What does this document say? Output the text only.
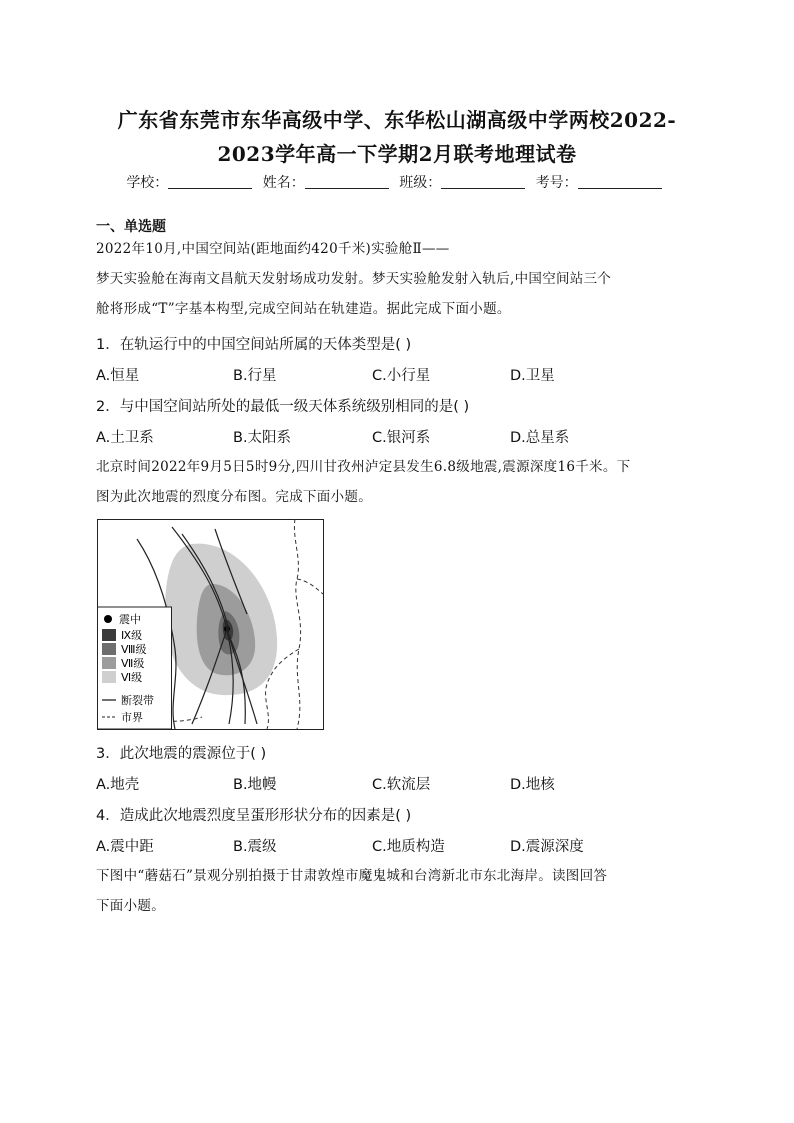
广东省东莞市东华高级中学、东华松山湖高级中学两校2022-
2023学年高一下学期2月联考地理试卷
学校：	姓名：	班级：	考号：
一、单选题
2022年10月,中国空间站(距地面约420千米)实验舱Ⅱ——
梦天实验舱在海南文昌航天发射场成功发射。梦天实验舱发射入轨后,中国空间站三个
舱将形成“T”字基本构型,完成空间站在轨建造。据此完成下面小题。
1．在轨运行中的中国空间站所属的天体类型是( )
A.恒星	B.行星	C.小行星	D.卫星
2．与中国空间站所处的最低一级天体系统级别相同的是( )
A.土卫系	B.太阳系	C.银河系	D.总星系
北京时间2022年9月5日5时9分,四川甘孜州泸定县发生6.8级地震,震源深度16千米。下
图为此次地震的烈度分布图。完成下面小题。
震中
Ⅸ级
Ⅷ级
Ⅶ级
Ⅵ级
断裂带
市界
3．此次地震的震源位于( )
A.地壳	B.地幔	C.软流层	D.地核
4．造成此次地震烈度呈蛋形形状分布的因素是( )
A.震中距	B.震级	C.地质构造	D.震源深度
下图中“蘑菇石”景观分别拍摄于甘肃敦煌市魔鬼城和台湾新北市东北海岸。读图回答
下面小题。
